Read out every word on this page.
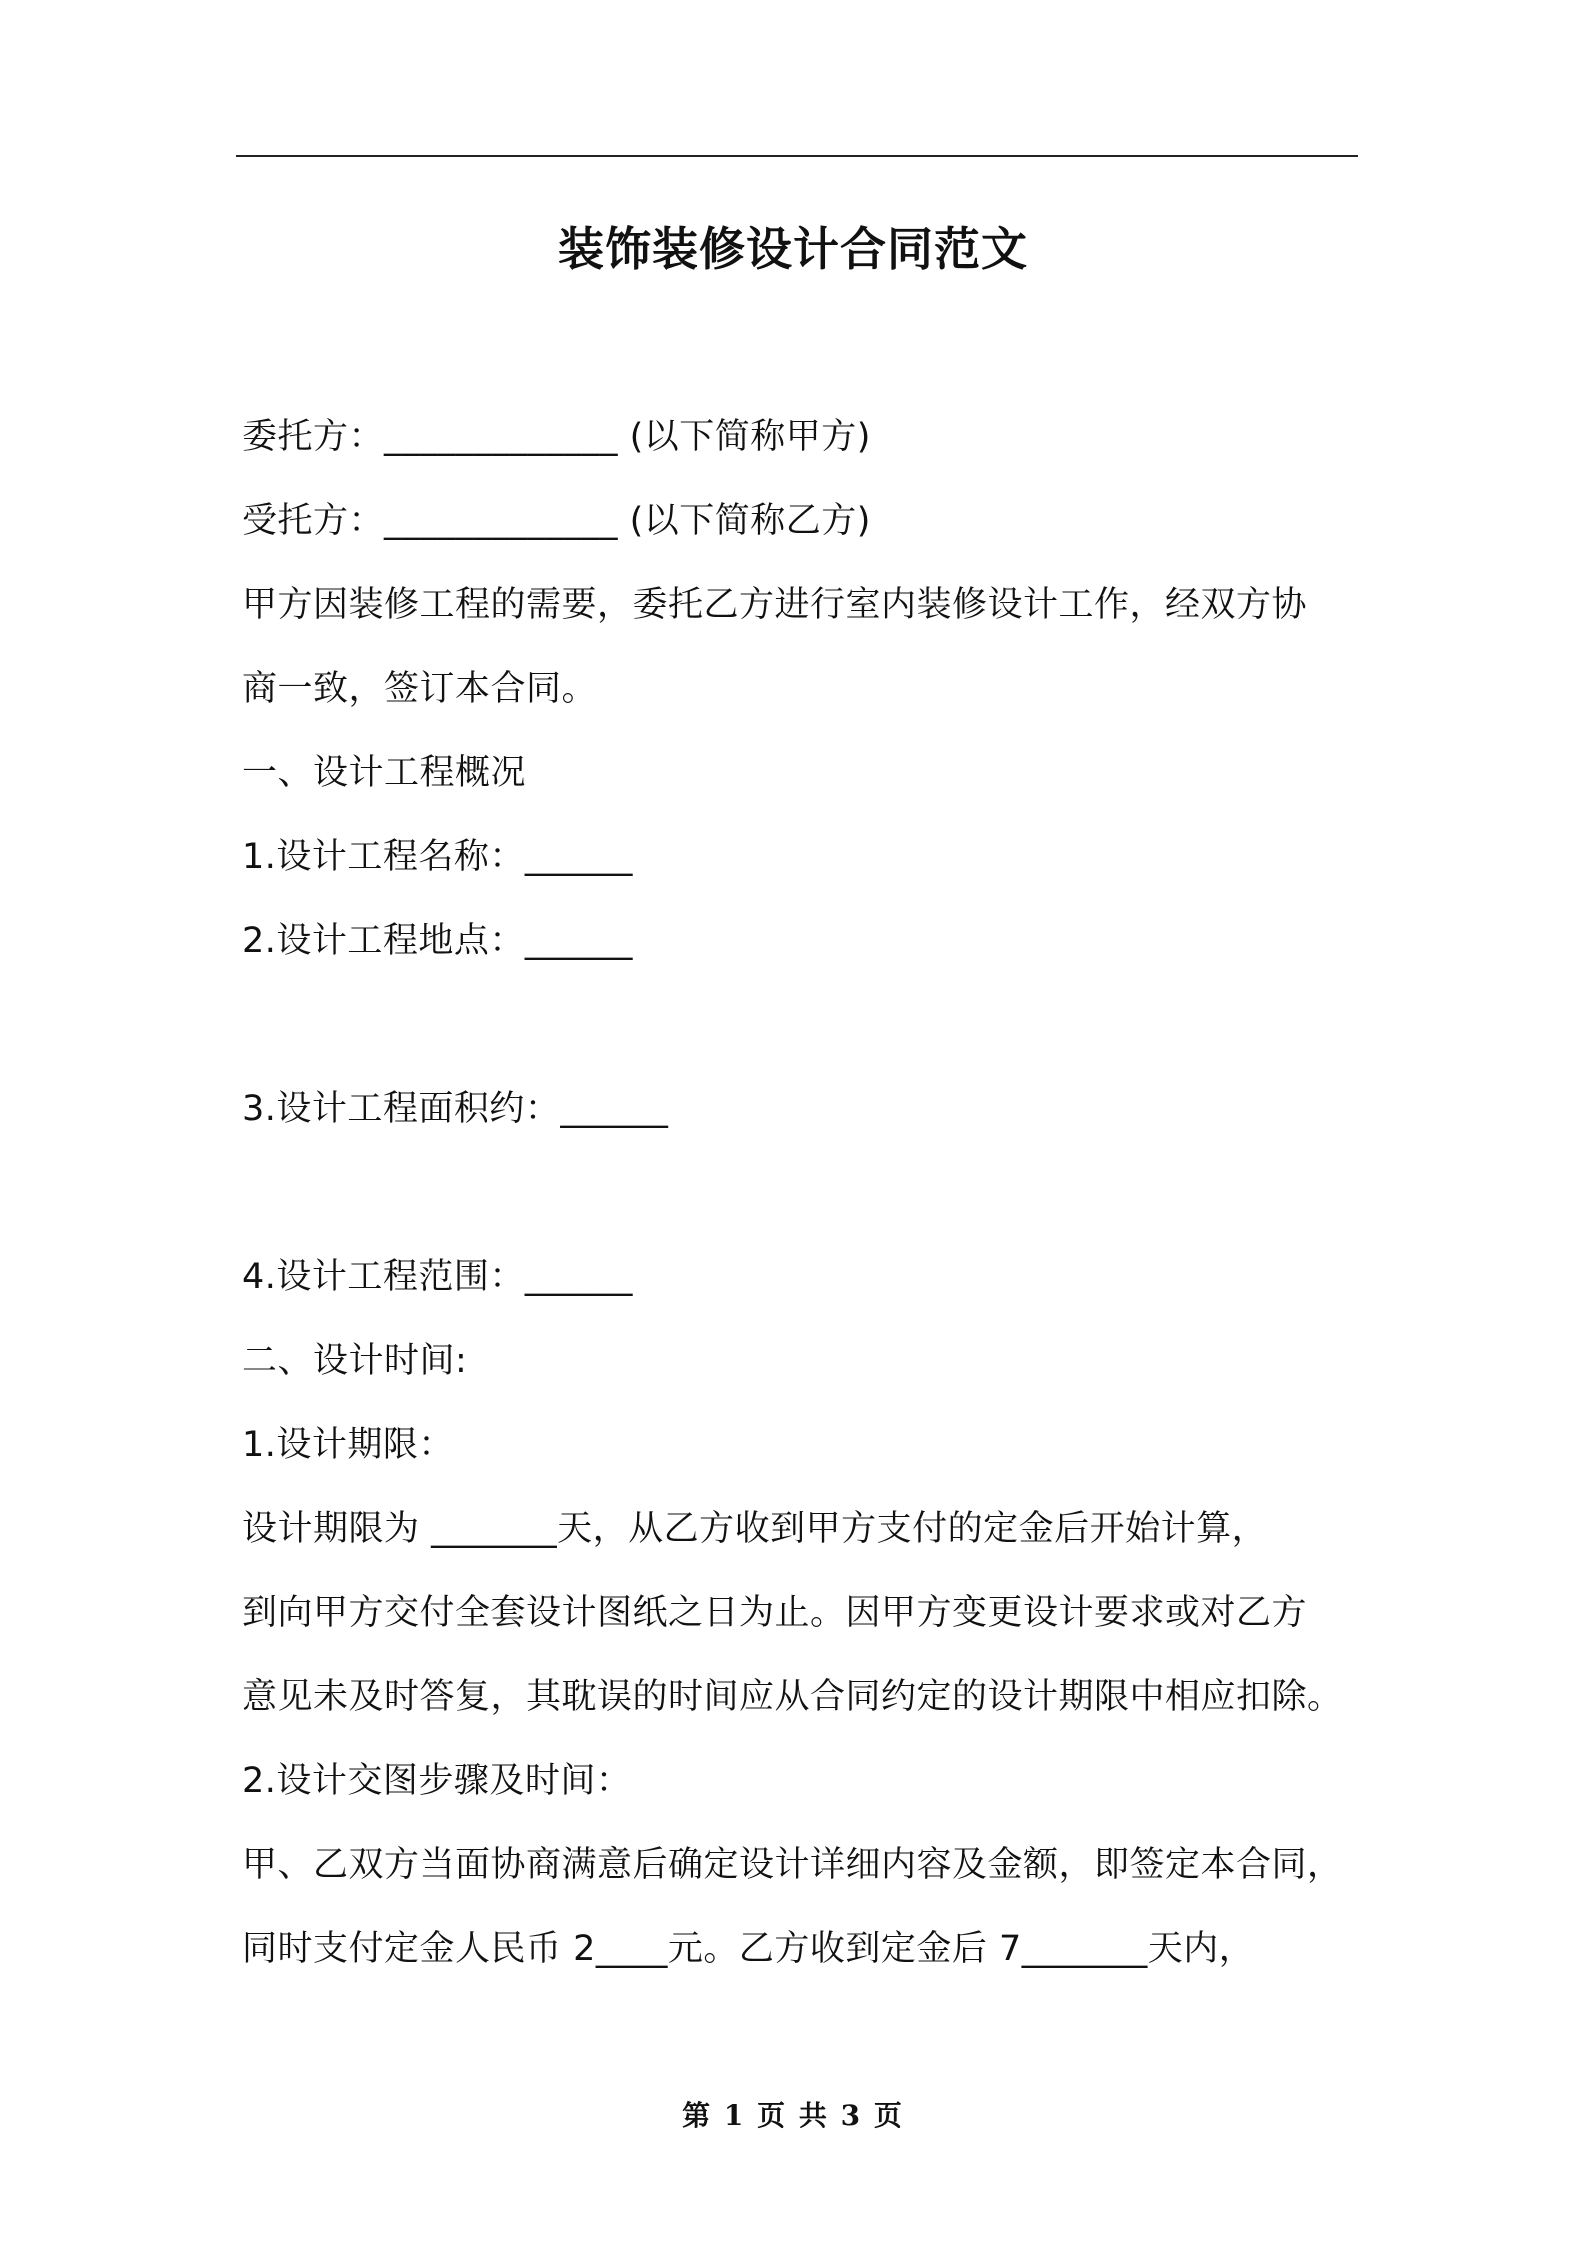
装饰装修设计合同范文
委托方：_____________ (以下简称甲方)
受托方：_____________ (以下简称乙方)
甲方因装修工程的需要，委托乙方进行室内装修设计工作，经双方协
商一致，签订本合同。
一、设计工程概况
1.设计工程名称：______
2.设计工程地点：______
3.设计工程面积约：______
4.设计工程范围：______
二、设计时间:
1.设计期限：
设计期限为 _______天，从乙方收到甲方支付的定金后开始计算，
到向甲方交付全套设计图纸之日为止。因甲方变更设计要求或对乙方
意见未及时答复，其耽误的时间应从合同约定的设计期限中相应扣除。
2.设计交图步骤及时间：
甲、乙双方当面协商满意后确定设计详细内容及金额，即签定本合同，
同时支付定金人民币 2____元。乙方收到定金后 7_______天内，
第 1 页 共 3 页
